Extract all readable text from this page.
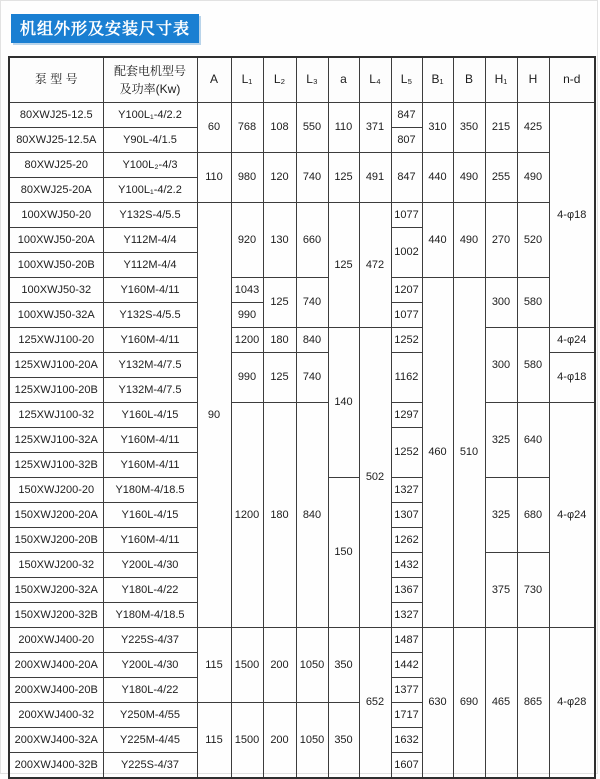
机组外形及安装尺寸表
泵 型 号	配套电机型号
及功率(Kw)	A	L₁	L₂	L₃	a	L₄	L₅	B₁	B	H₁	H	n-d
80XWJ25-12.5	Y100L₁-4/2.2	60	768	108	550	110	371	847	310	350	215	425	4-φ18
80XWJ25-12.5A	Y90L-4/1.5							807					
80XWJ25-20	Y100L₂-4/3	110	980	120	740	125	491	847	440	490	255	490	
80XWJ25-20A	Y100L₁-4/2.2												
100XWJ50-20	Y132S-4/5.5	90	920	130	660	125	472	1077	440	490	270	520	
100XWJ50-20A	Y112M-4/4							1002					
100XWJ50-20B	Y112M-4/4												
100XWJ50-32	Y160M-4/11		1043	125	740			1207	460	510	300	580	
100XWJ50-32A	Y132S-4/5.5		990					1077					
125XWJ100-20	Y160M-4/11		1200	180	840	140	502	1252			300	580	4-φ24
125XWJ100-20A	Y132M-4/7.5		990	125	740			1162					4-φ18
125XWJ100-20B	Y132M-4/7.5												
125XWJ100-32	Y160L-4/15		1200	180	840			1297			325	640	4-φ24
125XWJ100-32A	Y160M-4/11							1252					
125XWJ100-32B	Y160M-4/11												
150XWJ200-20	Y180M-4/18.5					150		1327			325	680	
150XWJ200-20A	Y160L-4/15							1307					
150XWJ200-20B	Y160M-4/11							1262					
150XWJ200-32	Y200L-4/30							1432			375	730	
150XWJ200-32A	Y180L-4/22							1367					
150XWJ200-32B	Y180M-4/18.5							1327					
200XWJ400-20	Y225S-4/37	115	1500	200	1050	350	652	1487	630	690	465	865	4-φ28
200XWJ400-20A	Y200L-4/30							1442					
200XWJ400-20B	Y180L-4/22							1377					
200XWJ400-32	Y250M-4/55	115	1500	200	1050	350		1717					
200XWJ400-32A	Y225M-4/45							1632					
200XWJ400-32B	Y225S-4/37							1607					
